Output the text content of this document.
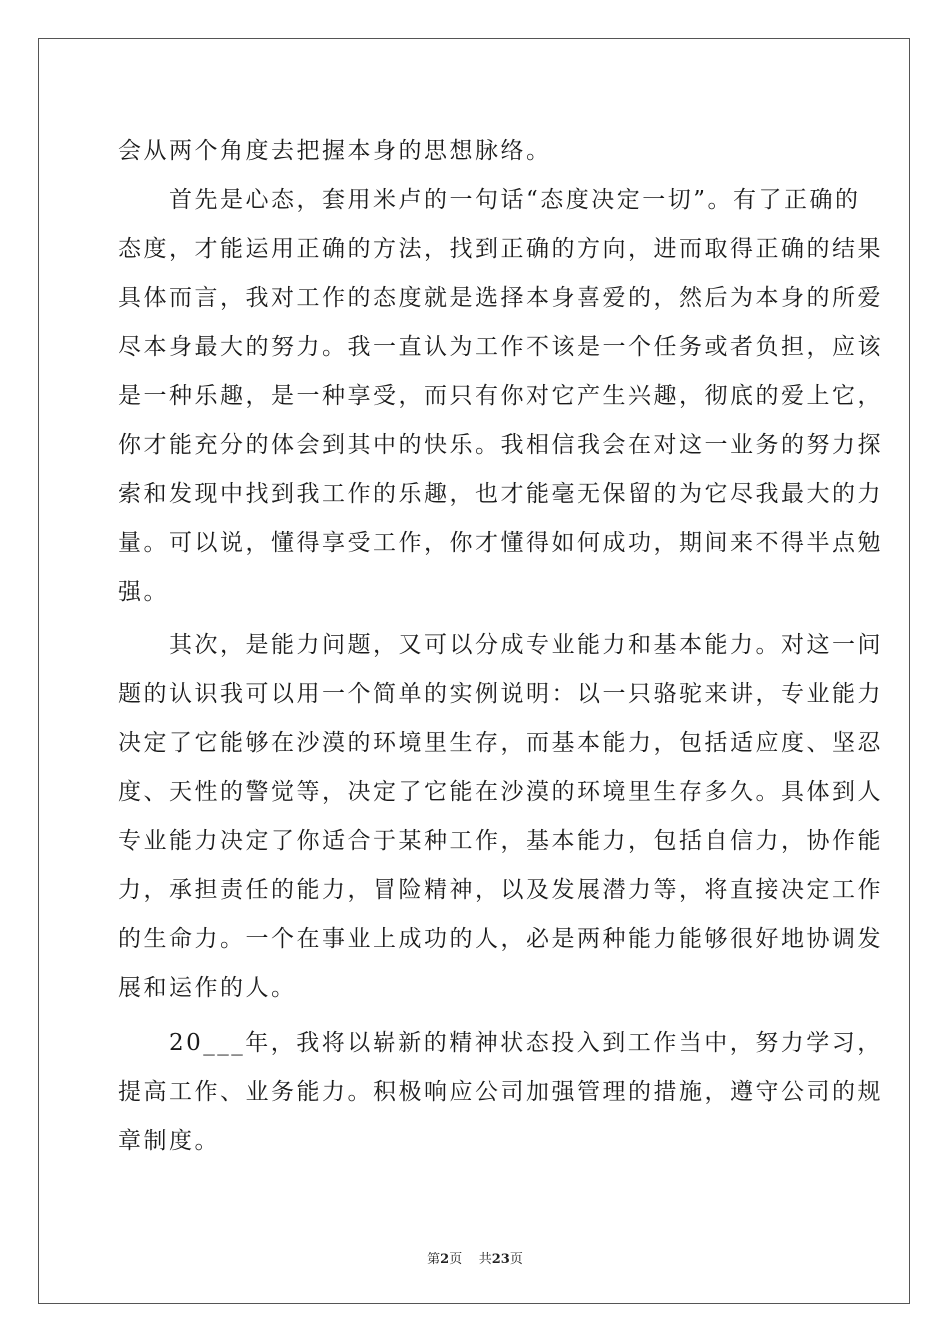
会从两个角度去把握本身的思想脉络。
　　首先是心态，套用米卢的一句话“态度决定一切”。有了正确的
态度，才能运用正确的方法，找到正确的方向，进而取得正确的结果
具体而言，我对工作的态度就是选择本身喜爱的，然后为本身的所爱
尽本身最大的努力。我一直认为工作不该是一个任务或者负担，应该
是一种乐趣，是一种享受，而只有你对它产生兴趣，彻底的爱上它，
你才能充分的体会到其中的快乐。我相信我会在对这一业务的努力探
索和发现中找到我工作的乐趣，也才能毫无保留的为它尽我最大的力
量。可以说，懂得享受工作，你才懂得如何成功，期间来不得半点勉
强。
　　其次，是能力问题，又可以分成专业能力和基本能力。对这一问
题的认识我可以用一个简单的实例说明：以一只骆驼来讲，专业能力
决定了它能够在沙漠的环境里生存，而基本能力，包括适应度、坚忍
度、天性的警觉等，决定了它能在沙漠的环境里生存多久。具体到人
专业能力决定了你适合于某种工作，基本能力，包括自信力，协作能
力，承担责任的能力，冒险精神，以及发展潜力等，将直接决定工作
的生命力。一个在事业上成功的人，必是两种能力能够很好地协调发
展和运作的人。
　　20___年，我将以崭新的精神状态投入到工作当中，努力学习，
提高工作、业务能力。积极响应公司加强管理的措施，遵守公司的规
章制度。
第2页 共23页
